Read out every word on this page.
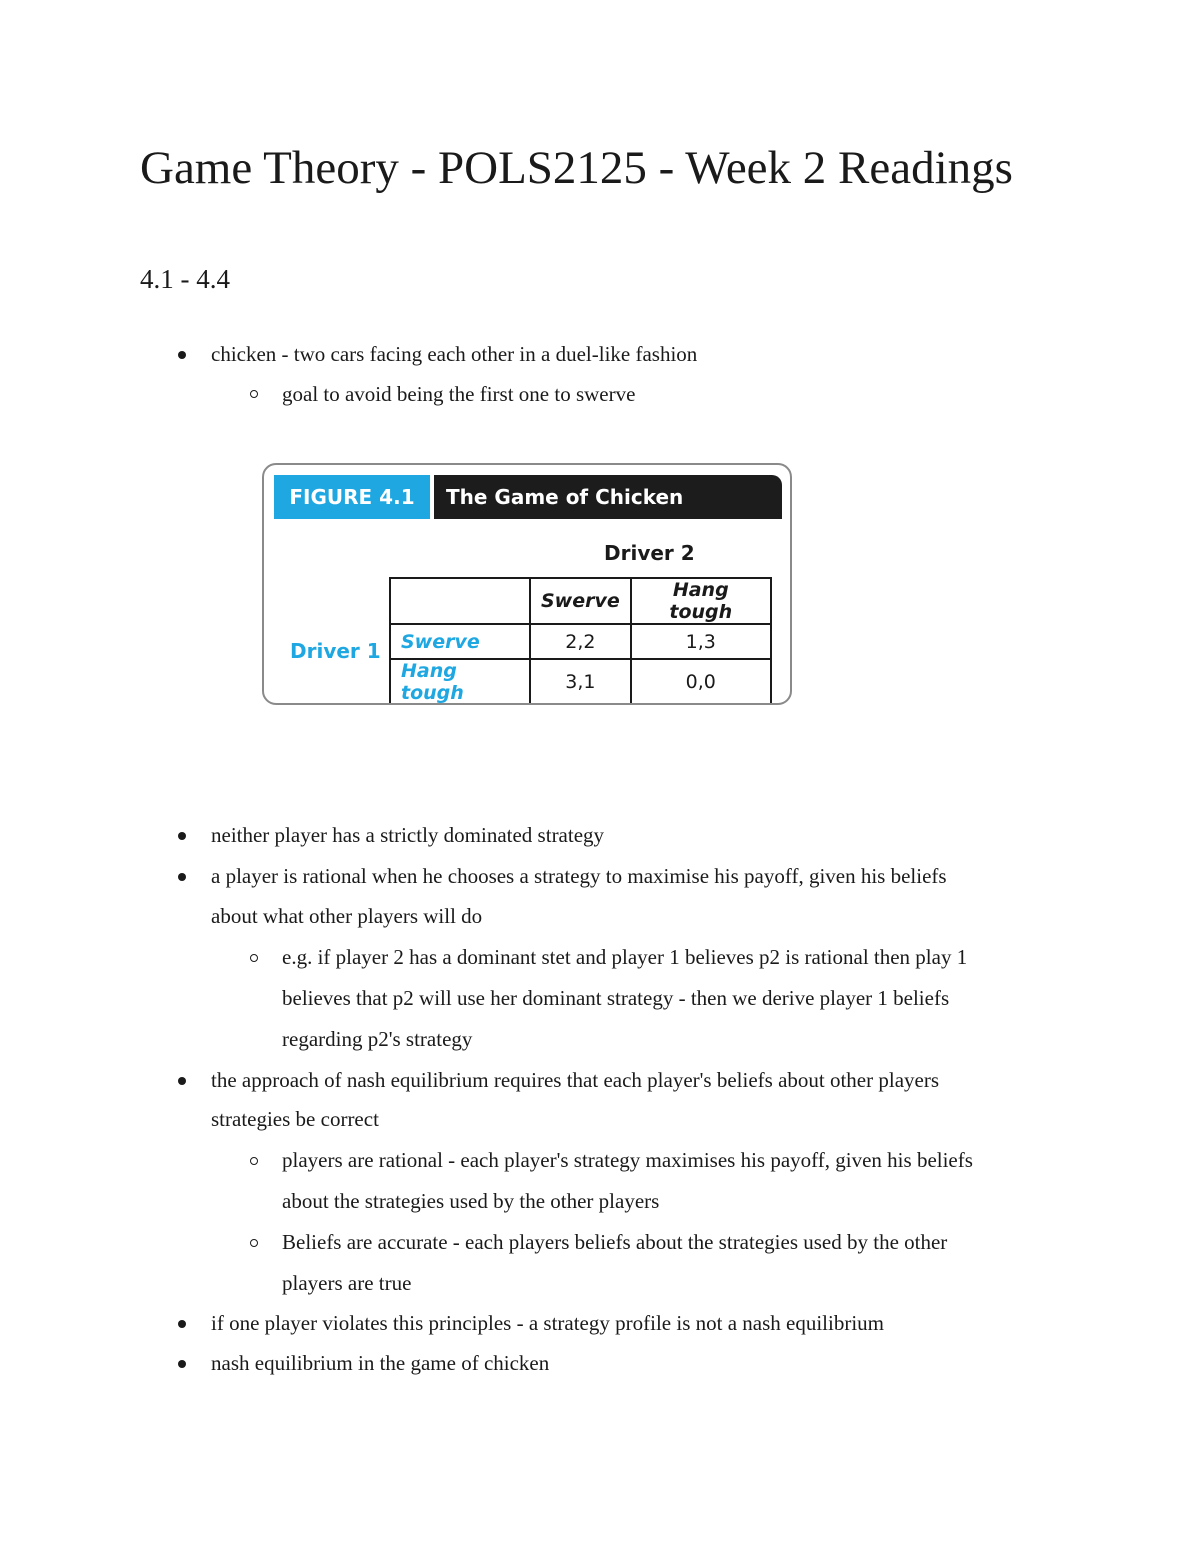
Game Theory - POLS2125 - Week 2 Readings
4.1 - 4.4
chicken - two cars facing each other in a duel-like fashion
goal to avoid being the first one to swerve
FIGURE 4.1	The Game of Chicken
Driver 2
Driver 1
	Swerve	Hang tough
Swerve	2,2	1,3
Hang tough	3,1	0,0
neither player has a strictly dominated strategy
a player is rational when he chooses a strategy to maximise his payoff, given his beliefs
about what other players will do
e.g. if player 2 has a dominant stet and player 1 believes p2 is rational then play 1
believes that p2 will use her dominant strategy - then we derive player 1 beliefs
regarding p2's strategy
the approach of nash equilibrium requires that each player's beliefs about other players
strategies be correct
players are rational - each player's strategy maximises his payoff, given his beliefs
about the strategies used by the other players
Beliefs are accurate - each players beliefs about the strategies used by the other
players are true
if one player violates this principles - a strategy profile is not a nash equilibrium
nash equilibrium in the game of chicken
